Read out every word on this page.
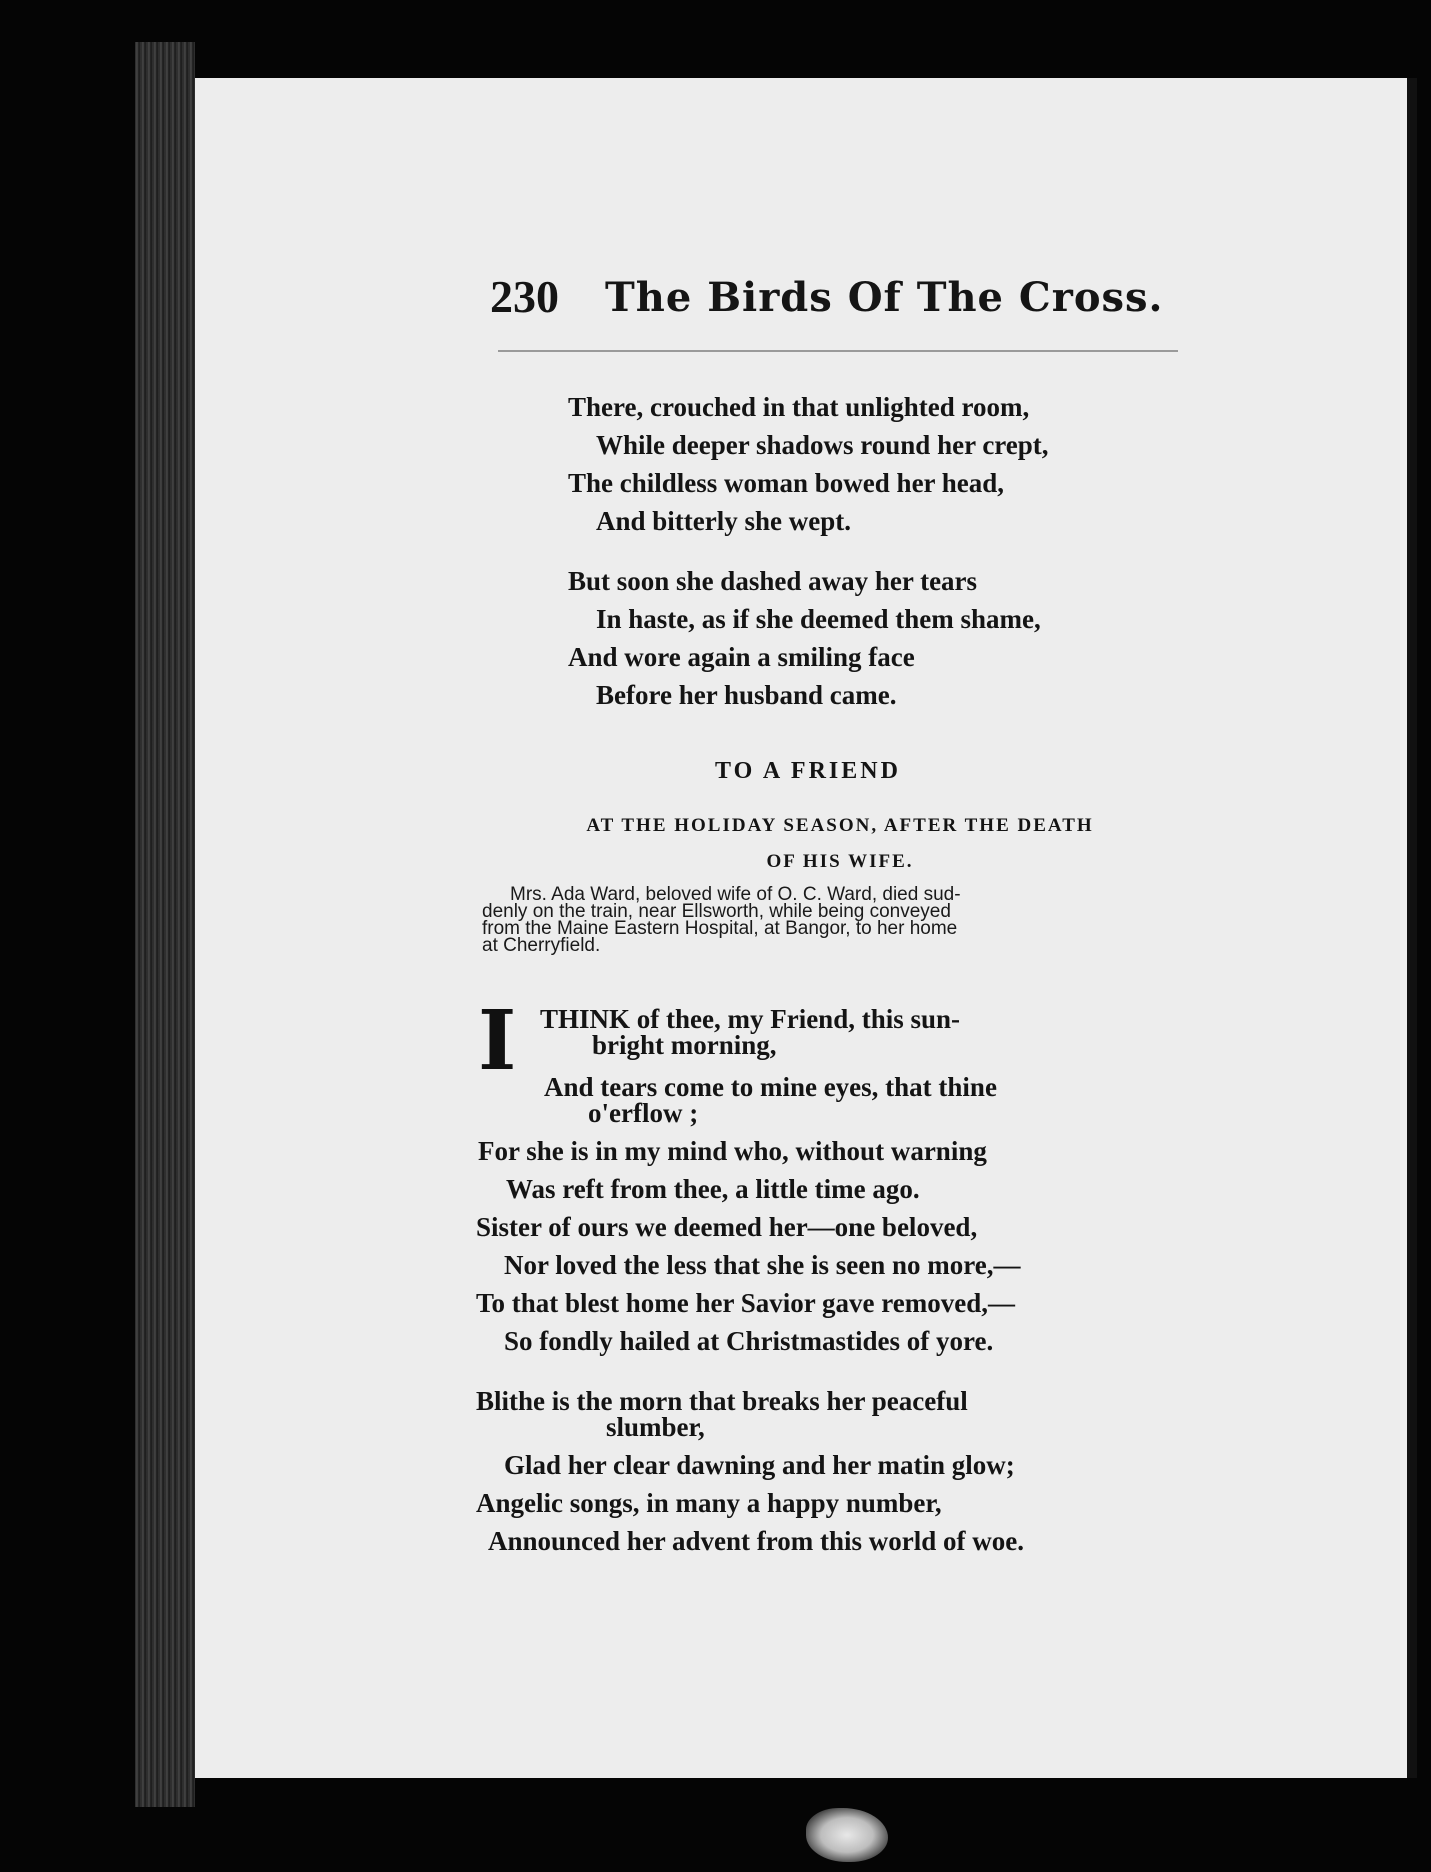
230 The Birds Of The Cross.
There, crouched in that unlighted room,
While deeper shadows round her crept,
The childless woman bowed her head,
And bitterly she wept.
But soon she dashed away her tears
In haste, as if she deemed them shame,
And wore again a smiling face
Before her husband came.
TO A FRIEND
AT THE HOLIDAY SEASON, AFTER THE DEATH
OF HIS WIFE.
Mrs. Ada Ward, beloved wife of O. C. Ward, died sud-
denly on the train, near Ellsworth, while being conveyed
from the Maine Eastern Hospital, at Bangor, to her home
at Cherryfield.
I THINK of thee, my Friend, this sun-
bright morning,
And tears come to mine eyes, that thine
o'erflow ;
For she is in my mind who, without warning
Was reft from thee, a little time ago.
Sister of ours we deemed her—one beloved,
Nor loved the less that she is seen no more,—
To that blest home her Savior gave removed,—
So fondly hailed at Christmastides of yore.
Blithe is the morn that breaks her peaceful
slumber,
Glad her clear dawning and her matin glow;
Angelic songs, in many a happy number,
Announced her advent from this world of woe.
